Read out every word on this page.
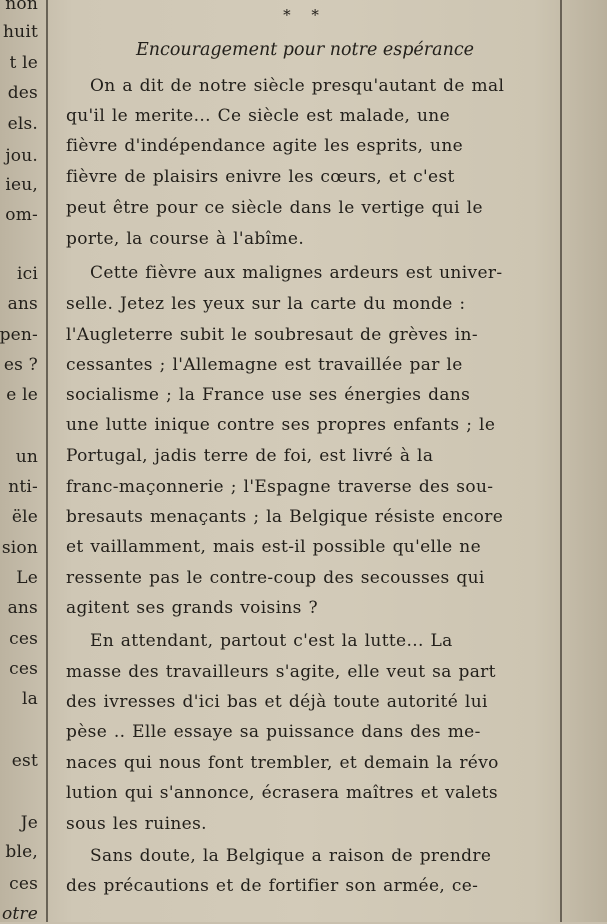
non
huit
t le
des
els.
jou.
ieu,
om-
ici
ans
pen-
es ?
e le
un
nti-
ële
sion
Le
ans
ces
ces
la
est
Je
ble,
ces
otre
* *
Encouragement pour notre espérance
On a dit de notre siècle presqu'autant de mal
qu'il le merite... Ce siècle est malade, une
fièvre d'indépendance agite les esprits, une
fièvre de plaisirs enivre les cœurs, et c'est
peut être pour ce siècle dans le vertige qui le
porte, la course à l'abîme.
Cette fièvre aux malignes ardeurs est univer-
selle. Jetez les yeux sur la carte du monde :
l'Augleterre subit le soubresaut de grèves in-
cessantes ; l'Allemagne est travaillée par le
socialisme ; la France use ses énergies dans
une lutte inique contre ses propres enfants ; le
Portugal, jadis terre de foi, est livré à la
franc-maçonnerie ; l'Espagne traverse des sou-
bresauts menaçants ; la Belgique résiste encore
et vaillamment, mais est-il possible qu'elle ne
ressente pas le contre-coup des secousses qui
agitent ses grands voisins ?
En attendant, partout c'est la lutte... La
masse des travailleurs s'agite, elle veut sa part
des ivresses d'ici bas et déjà toute autorité lui
pèse .. Elle essaye sa puissance dans des me-
naces qui nous font trembler, et demain la révo
lution qui s'annonce, écrasera maîtres et valets
sous les ruines.
Sans doute, la Belgique a raison de prendre
des précautions et de fortifier son armée, ce-
